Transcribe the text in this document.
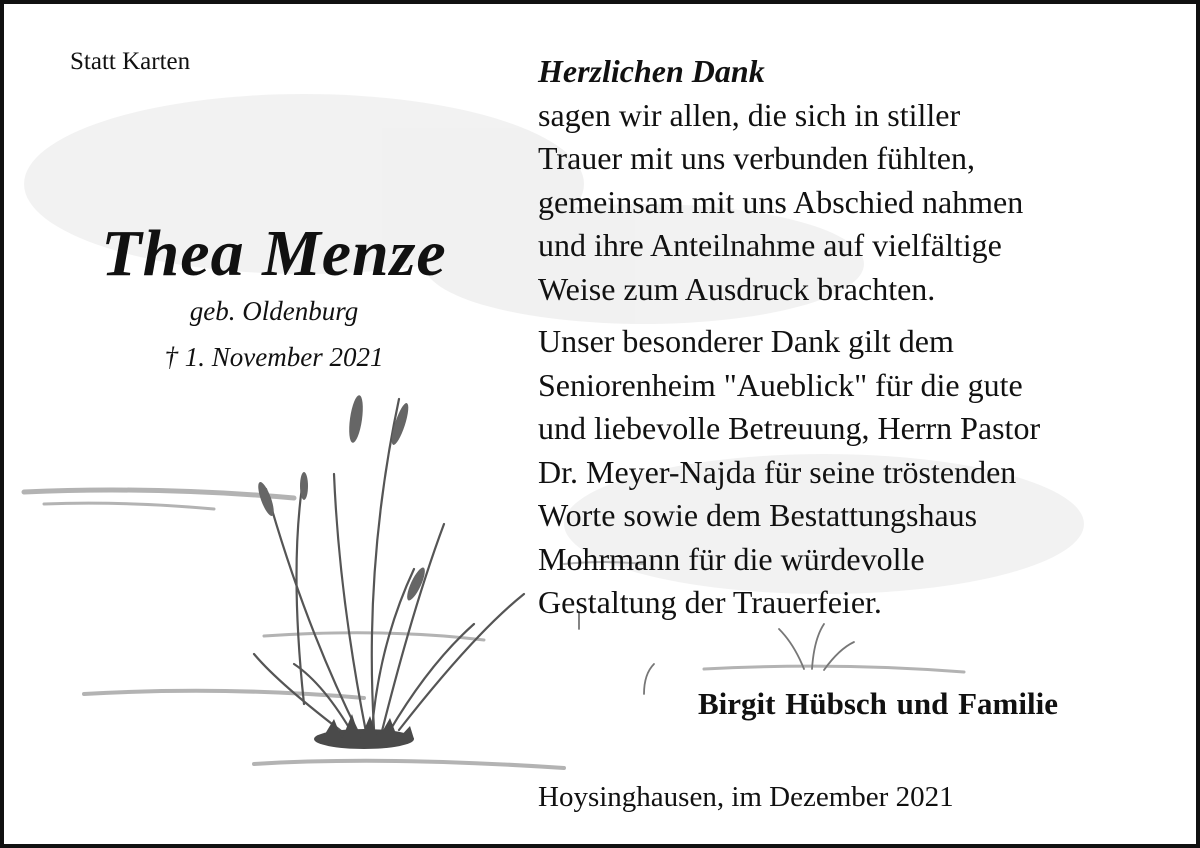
Statt Karten
Thea Menze
geb. Oldenburg
† 1. November 2021
Herzlichen Dank
sagen wir allen, die sich in stiller
Trauer mit uns verbunden fühlten,
gemeinsam mit uns Abschied nahmen
und ihre Anteilnahme auf vielfältige
Weise zum Ausdruck brachten.
Unser besonderer Dank gilt dem
Seniorenheim "Aueblick" für die gute
und liebevolle Betreuung, Herrn Pastor
Dr. Meyer-Najda für seine tröstenden
Worte sowie dem Bestattungshaus
Mohrmann für die würdevolle
Gestaltung der Trauerfeier.
Birgit Hübsch und Familie
Hoysinghausen, im Dezember 2021
